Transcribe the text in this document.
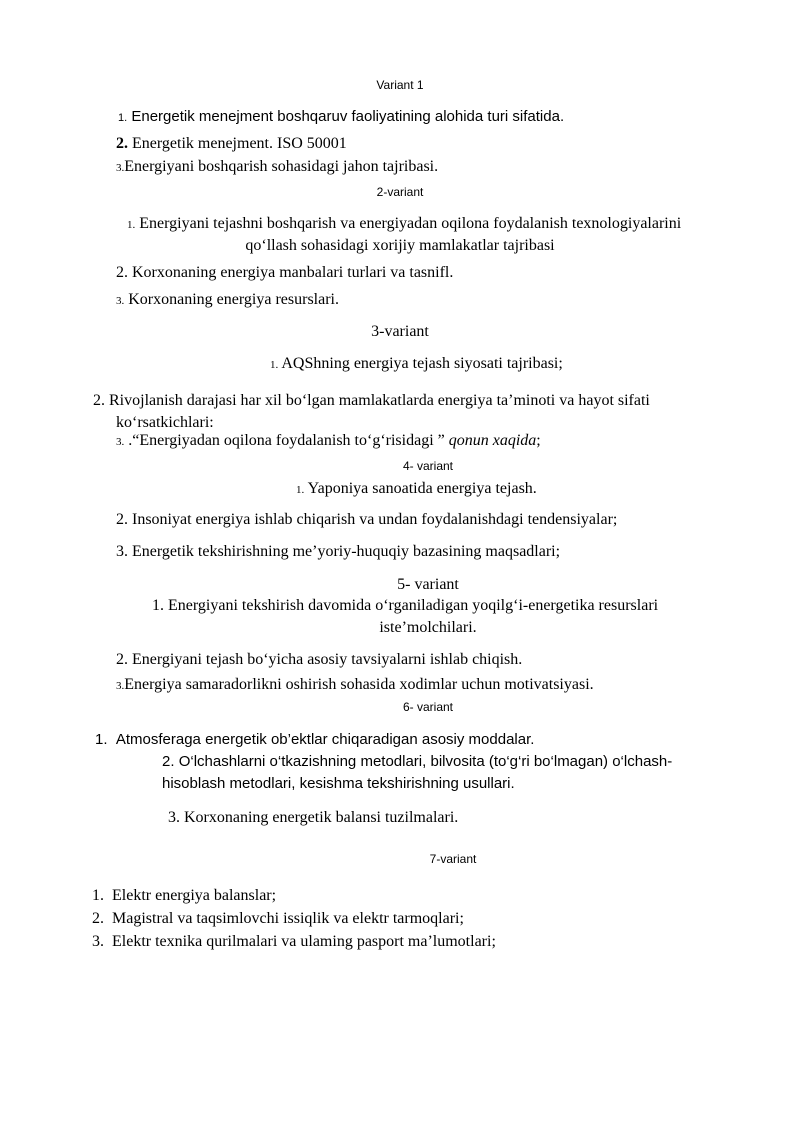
Variant 1
1. Energetik menejment boshqaruv faoliyatining alohida turi sifatida.
2. Energetik menejment. ISO 50001
3.Energiyani boshqarish sohasidagi jahon tajribasi.
2-variant
1. Energiyani tejashni boshqarish va energiyadan oqilona foydalanish texnologiyalarini
qo‘llash sohasidagi xorijiy mamlakatlar tajribasi
2. Korxonaning energiya manbalari turlari va tasnifl.
3. Korxonaning energiya resurslari.
3-variant
1. AQShning energiya tejash siyosati tajribasi;
2. Rivojlanish darajasi har xil bo‘lgan mamlakatlarda energiya ta’minoti va hayot sifati
ko‘rsatkichlari:
3. .“Energiyadan oqilona foydalanish to‘g‘risidagi ” qonun xaqida;
4- variant
1. Yaponiya sanoatida energiya tejash.
2. Insoniyat energiya ishlab chiqarish va undan foydalanishdagi tendensiyalar;
3. Energetik tekshirishning me’yoriy-huquqiy bazasining maqsadlari;
5- variant
1. Energiyani tekshirish davomida o‘rganiladigan yoqilg‘i-energetika resurslari
iste’molchilari.
2. Energiyani tejash bo‘yicha asosiy tavsiyalarni ishlab chiqish.
3.Energiya samaradorlikni oshirish sohasida xodimlar uchun motivatsiyasi.
6- variant
1. Atmosferaga energetik ob’ektlar chiqaradigan asosiy moddalar.
2. O‘lchashlarni o‘tkazishning metodlari, bilvosita (to‘g‘ri bo‘lmagan) o‘lchash-
hisoblash metodlari, kesishma tekshirishning usullari.
3. Korxonaning energetik balansi tuzilmalari.
7-variant
1. Elektr energiya balanslar;
2. Magistral va taqsimlovchi issiqlik va elektr tarmoqlari;
3. Elektr texnika qurilmalari va ulaming pasport ma’lumotlari;
